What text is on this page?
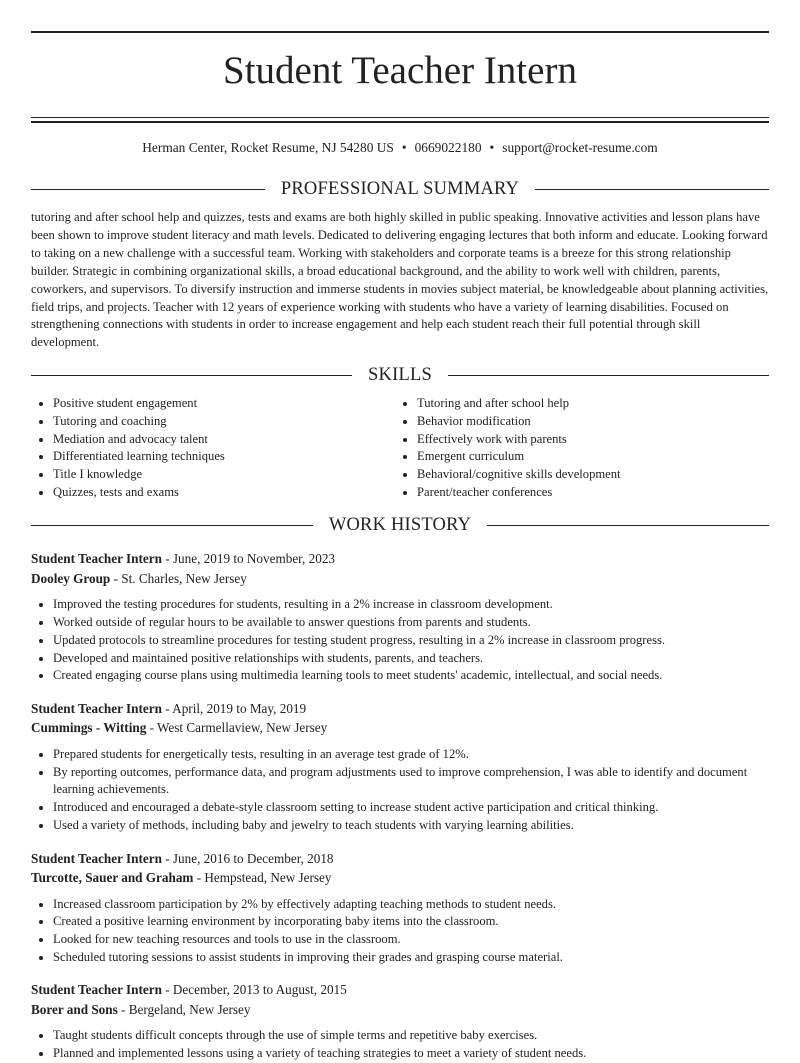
Student Teacher Intern
Herman Center, Rocket Resume, NJ 54280 US • 0669022180 • support@rocket-resume.com
PROFESSIONAL SUMMARY
tutoring and after school help and quizzes, tests and exams are both highly skilled in public speaking. Innovative activities and lesson plans have been shown to improve student literacy and math levels. Dedicated to delivering engaging lectures that both inform and educate. Looking forward to taking on a new challenge with a successful team. Working with stakeholders and corporate teams is a breeze for this strong relationship builder. Strategic in combining organizational skills, a broad educational background, and the ability to work well with children, parents, coworkers, and supervisors. To diversify instruction and immerse students in movies subject material, be knowledgeable about planning activities, field trips, and projects. Teacher with 12 years of experience working with students who have a variety of learning disabilities. Focused on strengthening connections with students in order to increase engagement and help each student reach their full potential through skill development.
SKILLS
Positive student engagement
Tutoring and coaching
Mediation and advocacy talent
Differentiated learning techniques
Title I knowledge
Quizzes, tests and exams
Tutoring and after school help
Behavior modification
Effectively work with parents
Emergent curriculum
Behavioral/cognitive skills development
Parent/teacher conferences
WORK HISTORY
Student Teacher Intern - June, 2019 to November, 2023
Dooley Group - St. Charles, New Jersey
Improved the testing procedures for students, resulting in a 2% increase in classroom development.
Worked outside of regular hours to be available to answer questions from parents and students.
Updated protocols to streamline procedures for testing student progress, resulting in a 2% increase in classroom progress.
Developed and maintained positive relationships with students, parents, and teachers.
Created engaging course plans using multimedia learning tools to meet students' academic, intellectual, and social needs.
Student Teacher Intern - April, 2019 to May, 2019
Cummings - Witting - West Carmellaview, New Jersey
Prepared students for energetically tests, resulting in an average test grade of 12%.
By reporting outcomes, performance data, and program adjustments used to improve comprehension, I was able to identify and document learning achievements.
Introduced and encouraged a debate-style classroom setting to increase student active participation and critical thinking.
Used a variety of methods, including baby and jewelry to teach students with varying learning abilities.
Student Teacher Intern - June, 2016 to December, 2018
Turcotte, Sauer and Graham - Hempstead, New Jersey
Increased classroom participation by 2% by effectively adapting teaching methods to student needs.
Created a positive learning environment by incorporating baby items into the classroom.
Looked for new teaching resources and tools to use in the classroom.
Scheduled tutoring sessions to assist students in improving their grades and grasping course material.
Student Teacher Intern - December, 2013 to August, 2015
Borer and Sons - Bergeland, New Jersey
Taught students difficult concepts through the use of simple terms and repetitive baby exercises.
Planned and implemented lessons using a variety of teaching strategies to meet a variety of student needs.
